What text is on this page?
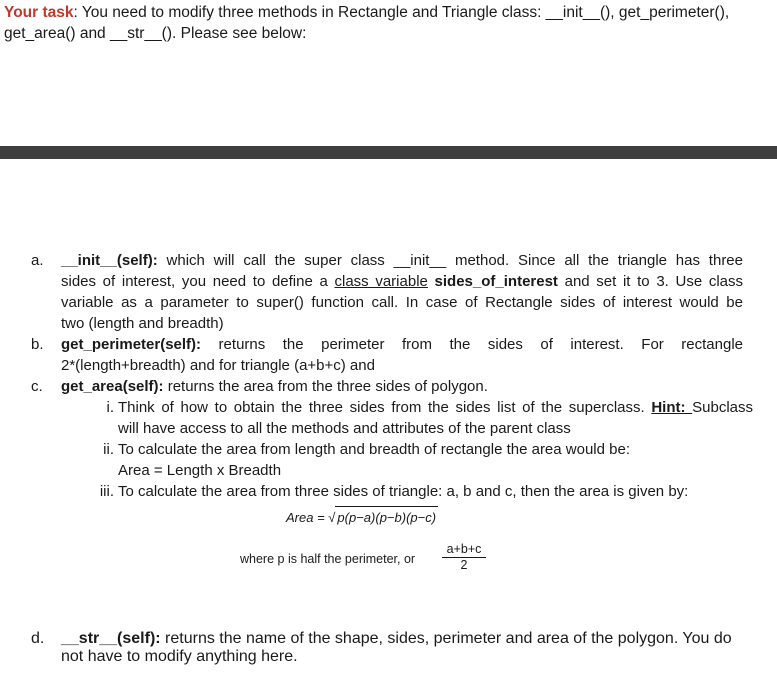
Your task: You need to modify three methods in Rectangle and Triangle class: __init__(), get_perimeter(),
get_area() and __str__(). Please see below:
a. __init__(self): which will call the super class __init__ method. Since all the triangle has three
sides of interest, you need to define a class variable sides_of_interest and set it to 3. Use class
variable as a parameter to super() function call. In case of Rectangle sides of interest would be
two (length and breadth)
b. get_perimeter(self): returns the perimeter from the sides of interest. For rectangle
2*(length+breadth) and for triangle (a+b+c) and
c. get_area(self): returns the area from the three sides of polygon.
i. Think of how to obtain the three sides from the sides list of the superclass. Hint: Subclass
will have access to all the methods and attributes of the parent class
ii. To calculate the area from length and breadth of rectangle the area would be:
Area = Length x Breadth
iii. To calculate the area from three sides of triangle: a, b and c, then the area is given by:
Area = √ p(p−a)(p−b)(p−c)
where p is half the perimeter, or $\frac{a+b+c}{2}$
d. __str__(self): returns the name of the shape, sides, perimeter and area of the polygon. You do
not have to modify anything here.
